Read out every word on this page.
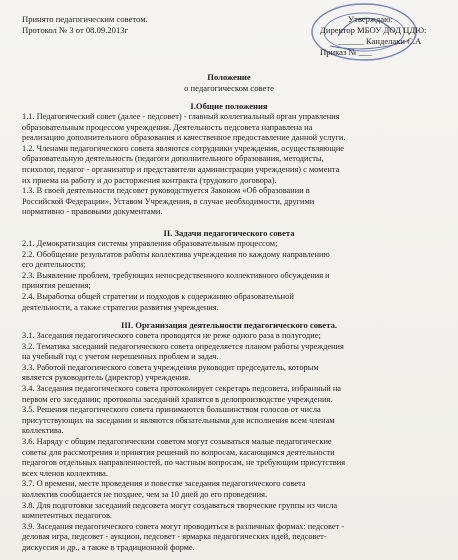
Принято педагогическим советом.
Протокол № 3 от 08.09.2013г
Утверждаю:
Директор МБОУ ДОД ЦДЮ:
______ Канделаки С.А
Приказ № ___
Положение
о педагогическом совете
I.Общие положения

1.1. Педагогический совет (далее - педсовет) - главный коллегиальный орган управления

образовательным процессом учреждения. Деятельность педсовета направлена на

реализацию дополнительного образования и качественное предоставление данной услуги.

1.2. Членами педагогического совета являются сотрудники учреждения, осуществляющие

образовательную деятельность (педагоги дополнительного образования, методисты,

психолог, педагог - организатор и представители администрации учреждения) с момента

их приема на работу и до расторжения контракта (трудового договора).

1.3. В своей деятельности педсовет руководствуется Законом «Об образовании в

Российской Федерации», Уставом Учреждения, в случае необходимости, другими

нормативно - правовыми документами.

II. Задачи педагогического совета

2.1. Демократизация системы управления образовательным процессом;

2.2. Обобщение результатов работы коллектива учреждения по каждому направлению

его деятельности;

2.3. Выявление проблем, требующих непосредственного коллективного обсуждения и

принятия решения;

2.4. Выработка общей стратегии и подходов к содержанию образовательной

деятельности, а также стратегии развития учреждения.

III. Организация деятельности педагогического совета.

3.1. Заседания педагогического совета проводятся не реже одного раза в полугодие;

3.2. Тематика заседаний педагогического совета определяется планом работы учреждения

на учебный год с учетом нерешенных проблем и задач.

3.3. Работой педагогического совета учреждения руководит председатель, которым

является руководитель (директор) учреждения.

3.4. Заседания педагогического совета протоколирует секретарь педсовета, избранный на

первом его заседании; протоколы заседаний хранятся в делопроизводстве учреждения.

3.5. Решения педагогического совета принимаются большинством голосов от числа

присутствующих на заседании и являются обязательными для исполнения всем членам

коллектива.

3.6. Наряду с общим педагогическим советом могут созываться малые педагогические

советы для рассмотрения и принятия решений по вопросам, касающимся деятельности

педагогов отдельных направленностей, по частным вопросам, не требующим присутствия

всех членов коллектива.

3.7. О времени, месте проведения и повестке заседания педагогического совета

коллектив сообщается не позднее, чем за 10 дней до его проведения.

3.8. Для подготовки заседаний педсовета могут создаваться творческие группы из числа

компетентных педагогов.

3.9. Заседания педагогического совета могут проводиться в различных формах: педсовет -

деловая игра, педсовет - аукцион, педсовет - ярмарка педагогических идей, педсовет-

дискуссия и др., а также в традиционной форме.
